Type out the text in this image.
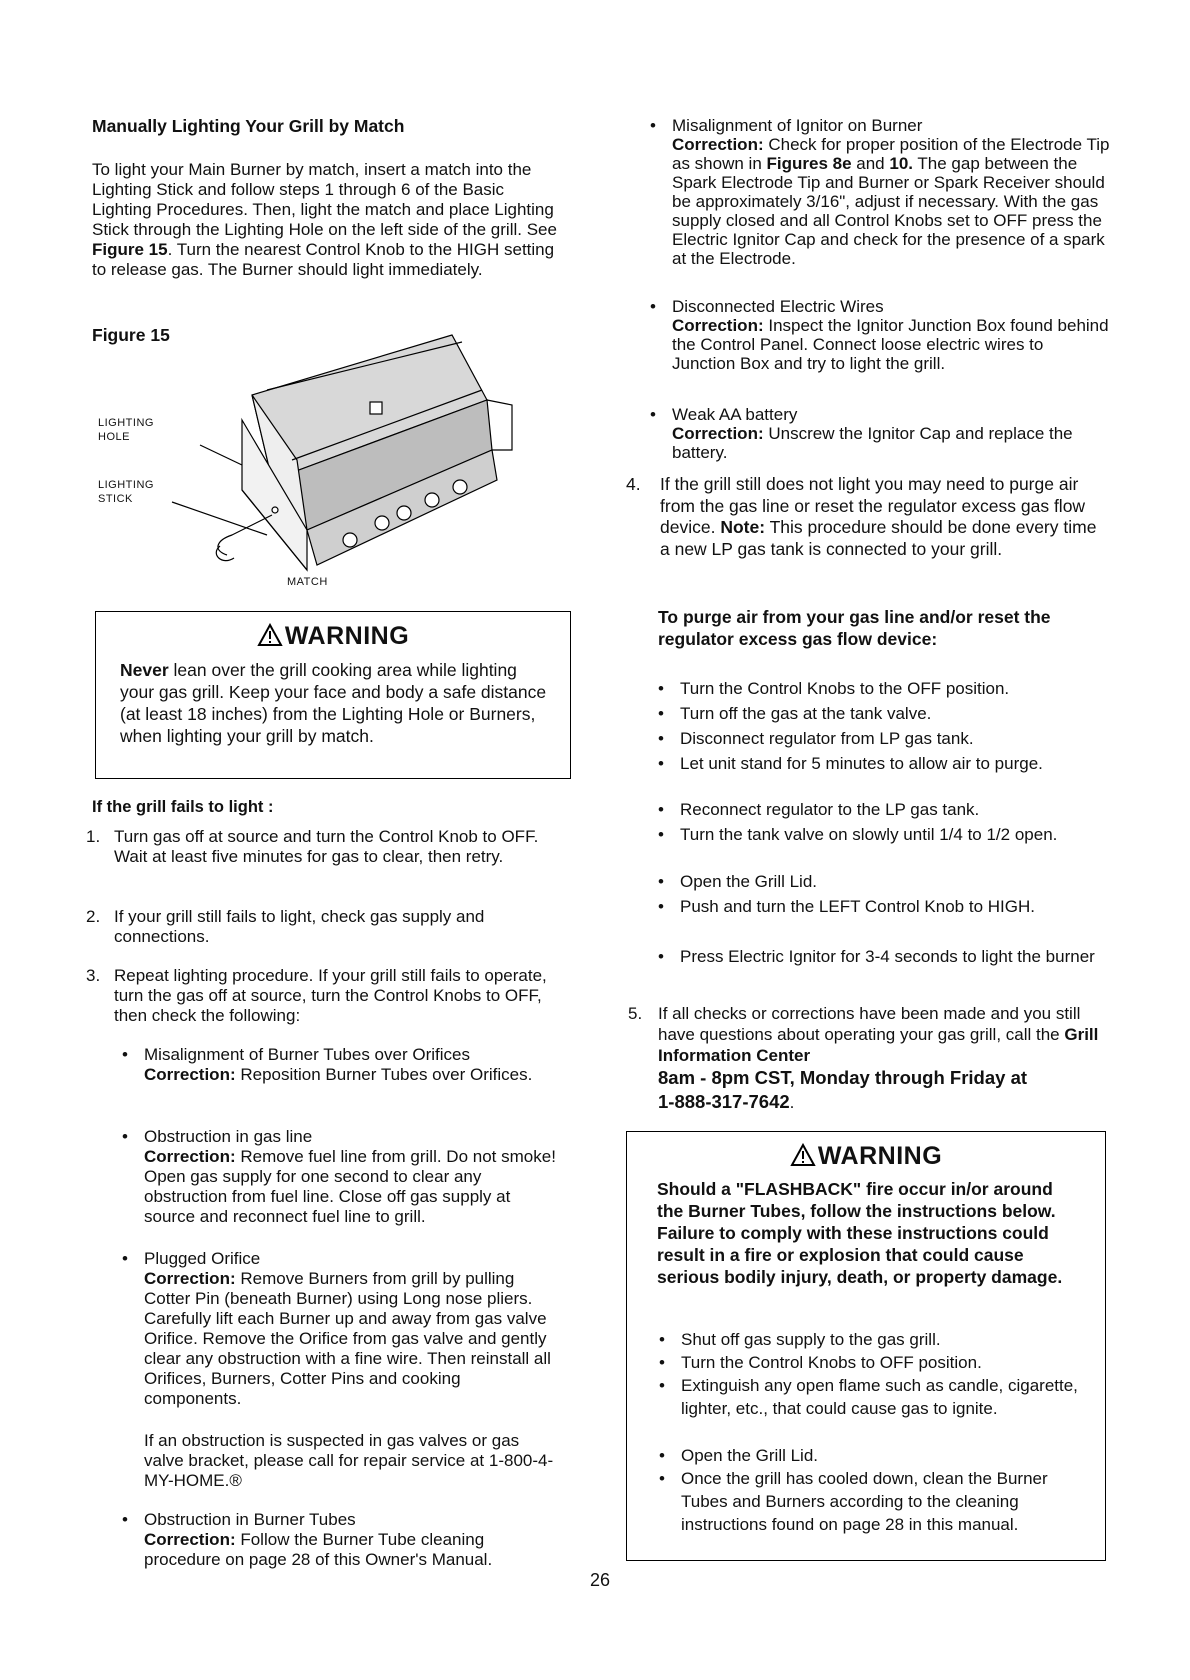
Manually Lighting Your Grill by Match
To light your Main Burner by match, insert a match into the Lighting Stick and follow steps 1 through 6 of the Basic Lighting Procedures. Then, light the match and place Lighting Stick through the Lighting Hole on the left side of the grill. See Figure 15. Turn the nearest Control Knob to the HIGH setting to release gas. The Burner should light immediately.
Figure 15
LIGHTING
HOLE
LIGHTING
STICK
MATCH
WARNING
Never lean over the grill cooking area while lighting your gas grill. Keep your face and body a safe distance (at least 18 inches) from the Lighting Hole or Burners, when lighting your grill by match.
If the grill fails to light :
1. Turn gas off at source and turn the Control Knob to OFF. Wait at least five minutes for gas to clear, then retry.
2. If your grill still fails to light, check gas supply and connections.
3. Repeat lighting procedure. If your grill still fails to operate, turn the gas off at source, turn the Control Knobs to OFF, then check the following:
• Misalignment of Burner Tubes over Orifices
Correction: Reposition Burner Tubes over Orifices.
• Obstruction in gas line
Correction: Remove fuel line from grill. Do not smoke! Open gas supply for one second to clear any obstruction from fuel line. Close off gas supply at source and reconnect fuel line to grill.
• Plugged Orifice
Correction: Remove Burners from grill by pulling Cotter Pin (beneath Burner) using Long nose pliers. Carefully lift each Burner up and away from gas valve Orifice. Remove the Orifice from gas valve and gently clear any obstruction with a fine wire. Then reinstall all Orifices, Burners, Cotter Pins and cooking components.
If an obstruction is suspected in gas valves or gas valve bracket, please call for repair service at 1-800-4-MY-HOME.®
• Obstruction in Burner Tubes
Correction: Follow the Burner Tube cleaning procedure on page 28 of this Owner's Manual.
• Misalignment of Ignitor on Burner
Correction: Check for proper position of the Electrode Tip as shown in Figures 8e and 10. The gap between the Spark Electrode Tip and Burner or Spark Receiver should be approximately 3/16", adjust if necessary. With the gas supply closed and all Control Knobs set to OFF press the Electric Ignitor Cap and check for the presence of a spark at the Electrode.
• Disconnected Electric Wires
Correction: Inspect the Ignitor Junction Box found behind the Control Panel. Connect loose electric wires to Junction Box and try to light the grill.
• Weak AA battery
Correction: Unscrew the Ignitor Cap and replace the battery.
4. If the grill still does not light you may need to purge air from the gas line or reset the regulator excess gas flow device. Note: This procedure should be done every time a new LP gas tank is connected to your grill.
To purge air from your gas line and/or reset the regulator excess gas flow device:
• Turn the Control Knobs to the OFF position.
• Turn off the gas at the tank valve.
• Disconnect regulator from LP gas tank.
• Let unit stand for 5 minutes to allow air to purge.
• Reconnect regulator to the LP gas tank.
• Turn the tank valve on slowly until 1/4 to 1/2 open.
• Open the Grill Lid.
• Push and turn the LEFT Control Knob to HIGH.
• Press Electric Ignitor for 3-4 seconds to light the burner
5. If all checks or corrections have been made and you still have questions about operating your gas grill, call the Grill Information Center
8am - 8pm CST, Monday through Friday at
1-888-317-7642.
WARNING
Should a "FLASHBACK" fire occur in/or around the Burner Tubes, follow the instructions below. Failure to comply with these instructions could result in a fire or explosion that could cause serious bodily injury, death, or property damage.
• Shut off gas supply to the gas grill.
• Turn the Control Knobs to OFF position.
• Extinguish any open flame such as candle, cigarette, lighter, etc., that could cause gas to ignite.
• Open the Grill Lid.
• Once the grill has cooled down, clean the Burner Tubes and Burners according to the cleaning instructions found on page 28 in this manual.
26
